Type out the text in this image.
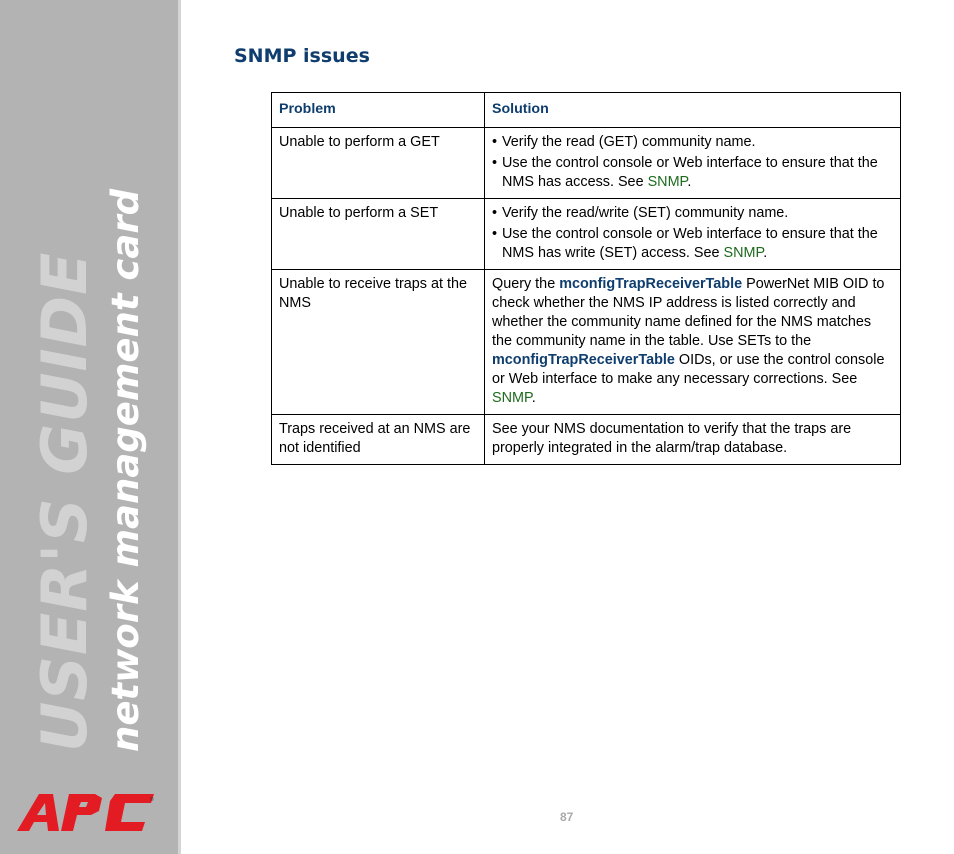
USER'S GUIDE network management card
®
SNMP issues
Problem	Solution
Unable to perform a GET	• Verify the read (GET) community name.
• Use the control console or Web interface to ensure that the NMS has access. See SNMP.

Unable to perform a SET	• Verify the read/write (SET) community name.
• Use the control console or Web interface to ensure that the NMS has write (SET) access. See SNMP.

Unable to receive traps at the NMS	Query the mconfigTrapReceiverTable PowerNet MIB OID to check whether the NMS IP address is listed correctly and whether the community name defined for the NMS matches the community name in the table. Use SETs to the mconfigTrapReceiverTable OIDs, or use the control console or Web interface to make any necessary corrections. See SNMP.
Traps received at an NMS are not identified	See your NMS documentation to verify that the traps are properly integrated in the alarm/trap database.
87
